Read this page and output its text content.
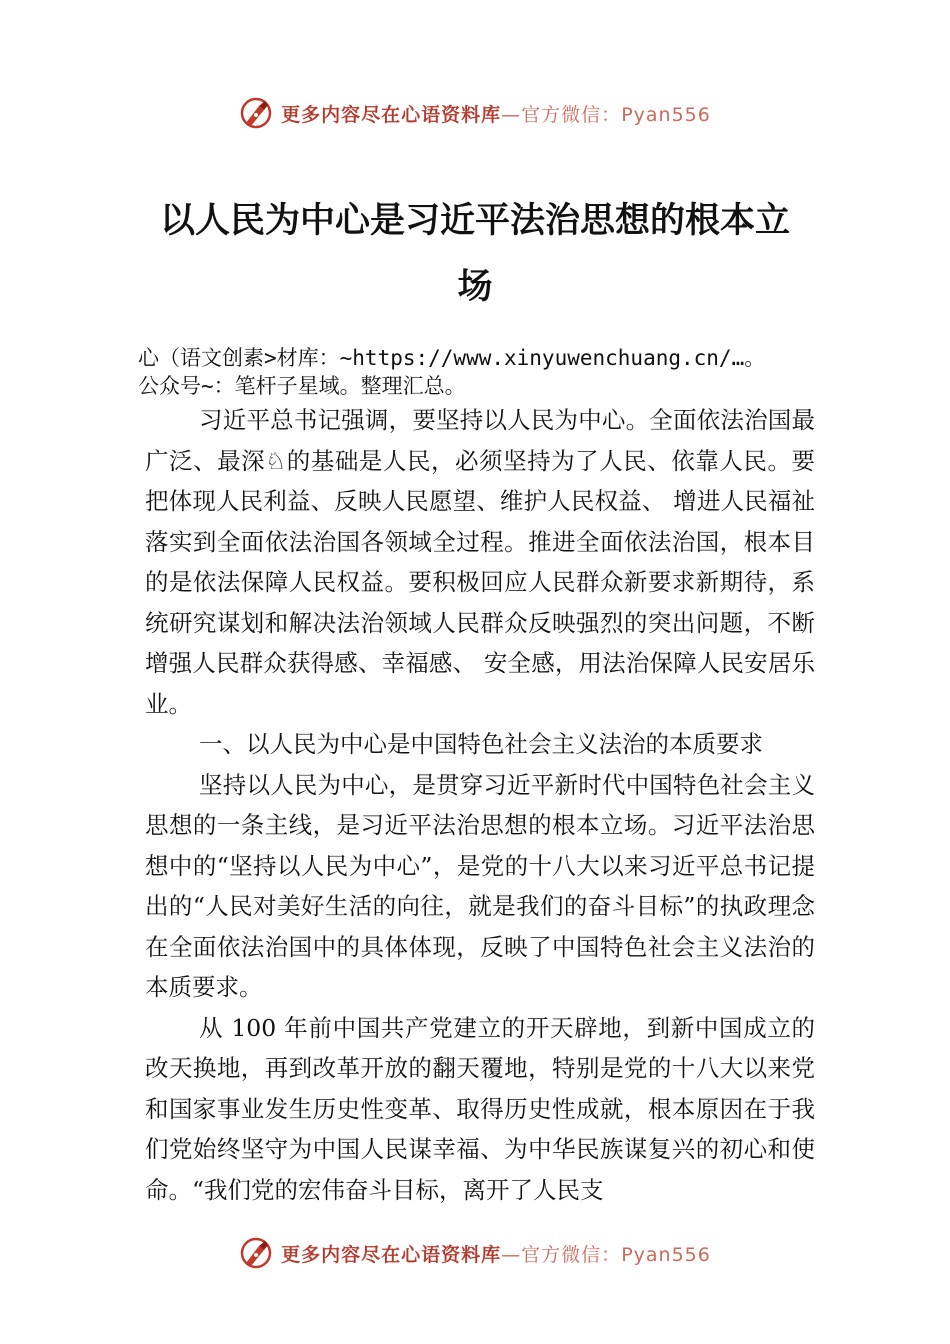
更多内容尽在心语资料库—官方微信：Pyan556
以人民为中心是习近平法治思想的根本立
场
心（语文创素>材库：~https://www.xinyuwenchuang.cn/…。
公众号~：笔杆子星域。整理汇总。

习近平总书记强调，要坚持以人民为中心。全面依法治国最广泛、最深♘的基础是人民，必须坚持为了人民、依靠人民。要把体现人民利益、反映人民愿望、维护人民权益、 增进人民福祉落实到全面依法治国各领域全过程。推进全面依法治国，根本目的是依法保障人民权益。要积极回应人民群众新要求新期待，系统研究谋划和解决法治领域人民群众反映强烈的突出问题，不断增强人民群众获得感、幸福感、 安全感，用法治保障人民安居乐业。

一、以人民为中心是中国特色社会主义法治的本质要求

坚持以人民为中心，是贯穿习近平新时代中国特色社会主义思想的一条主线，是习近平法治思想的根本立场。习近平法治思想中的“坚持以人民为中心”，是党的十八大以来习近平总书记提出的“人民对美好生活的向往，就是我们的奋斗目标”的执政理念在全面依法治国中的具体体现，反映了中国特色社会主义法治的本质要求。

从 100 年前中国共产党建立的开天辟地，到新中国成立的改天换地，再到改革开放的翻天覆地，特别是党的十八大以来党和国家事业发生历史性变革、取得历史性成就，根本原因在于我们党始终坚守为中国人民谋幸福、为中华民族谋复兴的初心和使命。“我们党的宏伟奋斗目标，离开了人民支

更多内容尽在心语资料库—官方微信：Pyan556
